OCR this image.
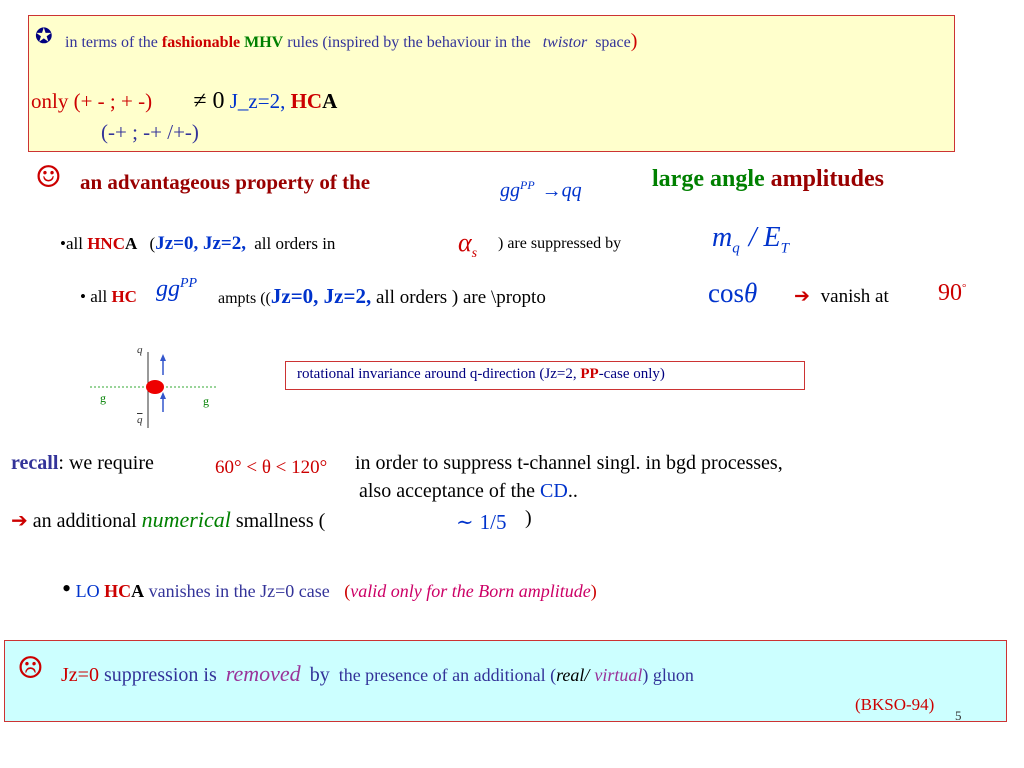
✪ in terms of the fashionable MHV rules (inspired by the behaviour in the twistor space)
only (+ - ; + -) ≠ 0 J_z=2, HCA
(-+ ; -+ /+-)
☺ an advantageous property of the	$gg^{PP} \to qq$	large angle amplitudes
•all HNCA (Jz=0, Jz=2, all orders in	$\alpha_s$
) are suppressed by	$m_q / E_T$
• all HC $gg^{PP}$
ampts ((Jz=0, Jz=2, all orders ) are \propto	cosθ ➔ vanish at 90°
q
$\overline{q}$
g	g
rotational invariance around q-direction (Jz=2, PP-case only)
recall: we require	60° < θ < 120° in order to suppress t-channel singl. in bgd processes,
also acceptance of the CD..
➔ an additional numerical smallness (	∼ 1/5 )
• LO HCA vanishes in the Jz=0 case (valid only for the Born amplitude)
☹ Jz=0 suppression is removed by the presence of an additional (real/ virtual) gluon
(BKSO-94)
5
